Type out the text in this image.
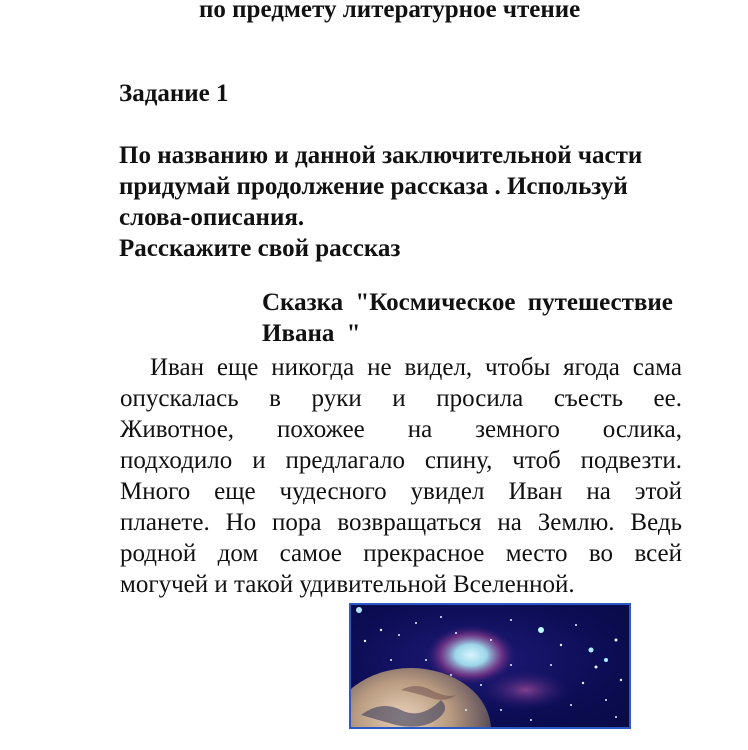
по предмету литературное чтение
Задание 1
По названию и данной заключительной части
придумай продолжение рассказа . Используй
слова-описания.
Расскажите свой рассказ
Сказка "Космическое путешествие
Ивана "
Иван еще никогда не видел, чтобы ягода сама
опускалась в руки и просила съесть ее.
Животное, похожее на земного ослика,
подходило и предлагало спину, чтоб подвезти.
Много еще чудесного увидел Иван на этой
планете. Но пора возвращаться на Землю. Ведь
родной дом самое прекрасное место во всей
могучей и такой удивительной Вселенной.
